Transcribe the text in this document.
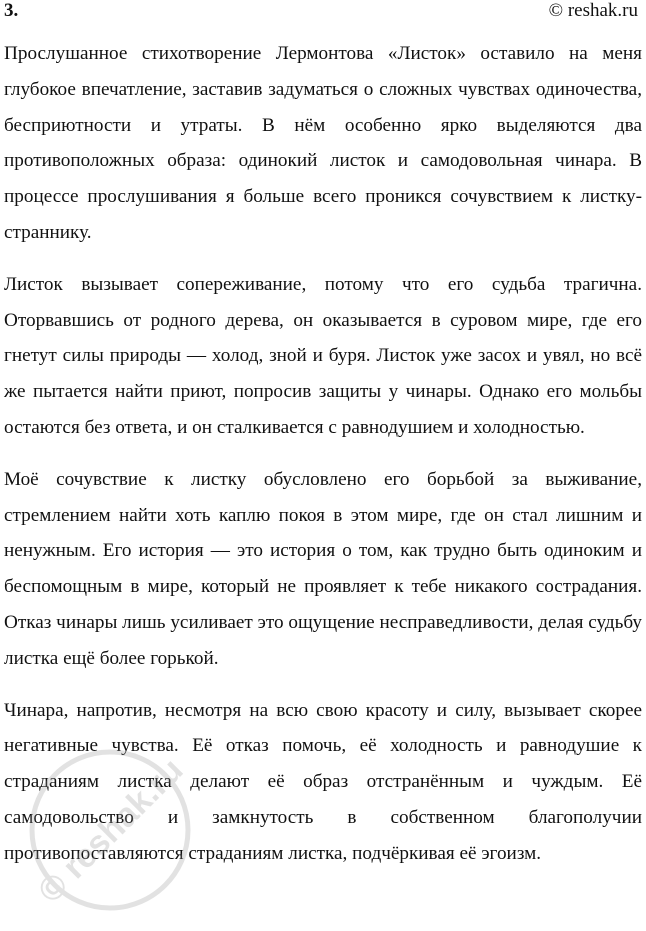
3.	© reshak.ru

Прослушанное стихотворение Лермонтова «Листок» оставило на меня глубокое впечатление, заставив задуматься о сложных чувствах одиночества, бесприютности и утраты. В нём особенно ярко выделяются два противоположных образа: одинокий листок и самодовольная чинара. В процессе прослушивания я больше всего проникся сочувствием к листку-страннику.

Листок вызывает сопереживание, потому что его судьба трагична. Оторвавшись от родного дерева, он оказывается в суровом мире, где его гнетут силы природы — холод, зной и буря. Листок уже засох и увял, но всё же пытается найти приют, попросив защиты у чинары. Однако его мольбы остаются без ответа, и он сталкивается с равнодушием и холодностью.

Моё сочувствие к листку обусловлено его борьбой за выживание, стремлением найти хоть каплю покоя в этом мире, где он стал лишним и ненужным. Его история — это история о том, как трудно быть одиноким и беспомощным в мире, который не проявляет к тебе никакого сострадания. Отказ чинары лишь усиливает это ощущение несправедливости, делая судьбу листка ещё более горькой.

Чинара, напротив, несмотря на всю свою красоту и силу, вызывает скорее негативные чувства. Её отказ помочь, её холодность и равнодушие к страданиям листка делают её образ отстранённым и чуждым. Её самодовольство и замкнутость в собственном благополучии противопоставляются страданиям листка, подчёркивая её эгоизм.

© reshak.ru
